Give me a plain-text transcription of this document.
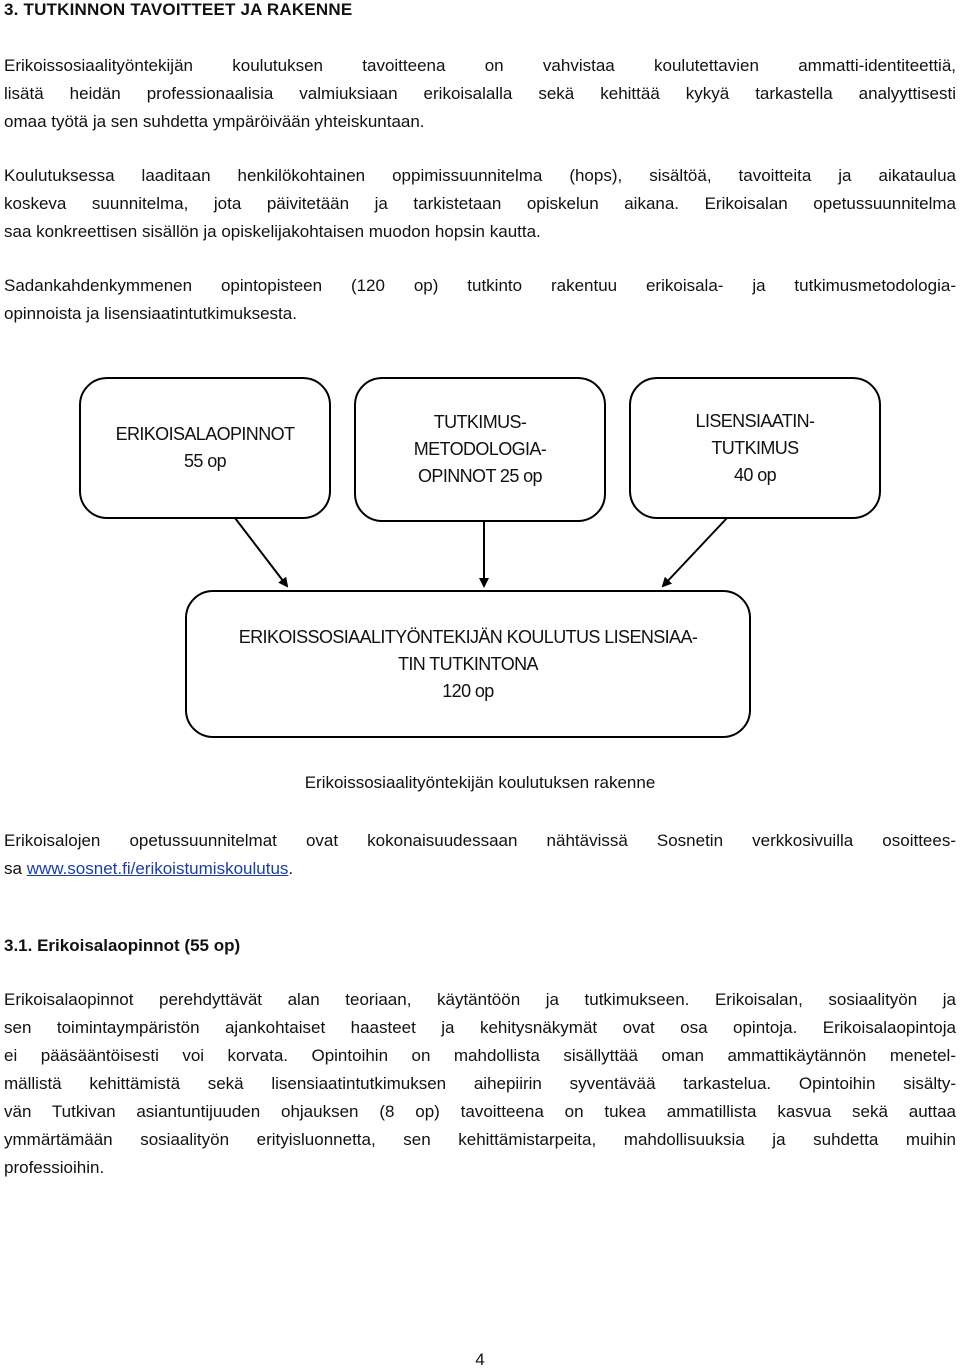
3. TUTKINNON TAVOITTEET JA RAKENNE
Erikoissosiaalityöntekijän koulutuksen tavoitteena on vahvistaa koulutettavien ammatti-identiteettiä,
lisätä heidän professionaalisia valmiuksiaan erikoisalalla sekä kehittää kykyä tarkastella analyyttisesti
omaa työtä ja sen suhdetta ympäröivään yhteiskuntaan.
Koulutuksessa laaditaan henkilökohtainen oppimissuunnitelma (hops), sisältöä, tavoitteita ja aikataulua
koskeva suunnitelma, jota päivitetään ja tarkistetaan opiskelun aikana. Erikoisalan opetussuunnitelma
saa konkreettisen sisällön ja opiskelijakohtaisen muodon hopsin kautta.
Sadankahdenkymmenen opintopisteen (120 op) tutkinto rakentuu erikoisala- ja tutkimusmetodologia-
opinnoista ja lisensiaatintutkimuksesta.
ERIKOISALAOPINNOT
55 op
TUTKIMUS-
METODOLOGIA-
OPINNOT 25 op
LISENSIAATIN-
TUTKIMUS
40 op
ERIKOISSOSIAALITYÖNTEKIJÄN KOULUTUS LISENSIAA-
TIN TUTKINTONA
120 op
Erikoissosiaalityöntekijän koulutuksen rakenne
Erikoisalojen opetussuunnitelmat ovat kokonaisuudessaan nähtävissä Sosnetin verkkosivuilla osoittees-
sa www.sosnet.fi/erikoistumiskoulutus.
3.1. Erikoisalaopinnot (55 op)
Erikoisalaopinnot perehdyttävät alan teoriaan, käytäntöön ja tutkimukseen. Erikoisalan, sosiaalityön ja
sen toimintaympäristön ajankohtaiset haasteet ja kehitysnäkymät ovat osa opintoja. Erikoisalaopintoja
ei pääsääntöisesti voi korvata. Opintoihin on mahdollista sisällyttää oman ammattikäytännön menetel-
mällistä kehittämistä sekä lisensiaatintutkimuksen aihepiirin syventävää tarkastelua. Opintoihin sisälty-
vän Tutkivan asiantuntijuuden ohjauksen (8 op) tavoitteena on tukea ammatillista kasvua sekä auttaa
ymmärtämään sosiaalityön erityisluonnetta, sen kehittämistarpeita, mahdollisuuksia ja suhdetta muihin
professioihin.
4
